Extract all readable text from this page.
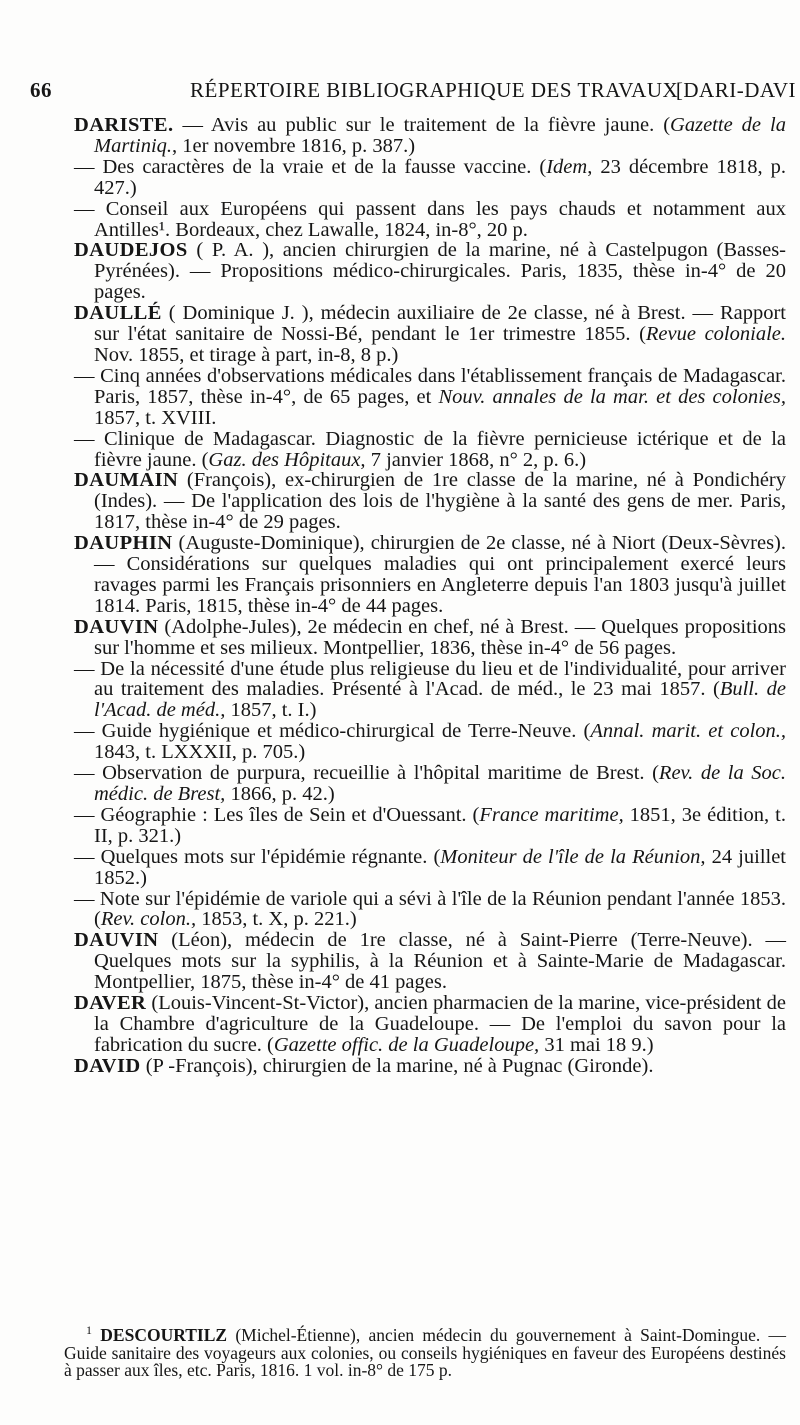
66	RÉPERTOIRE BIBLIOGRAPHIQUE DES TRAVAUX
[DARI-DAVI

DARISTE. — Avis au public sur le traitement de la fièvre jaune. (Gazette de la Martiniq., 1er novembre 1816, p. 387.)

— Des caractères de la vraie et de la fausse vaccine. (Idem, 23 décembre 1818, p. 427.)

— Conseil aux Européens qui passent dans les pays chauds et notamment aux Antilles¹. Bordeaux, chez Lawalle, 1824, in-8°, 20 p.

DAUDEJOS ( P. A. ), ancien chirurgien de la marine, né à Castelpugon (Basses-Pyrénées). — Propositions médico-chirurgicales. Paris, 1835, thèse in-4° de 20 pages.

DAULLÉ ( Dominique J. ), médecin auxiliaire de 2e classe, né à Brest. — Rapport sur l'état sanitaire de Nossi-Bé, pendant le 1er trimestre 1855. (Revue coloniale. Nov. 1855, et tirage à part, in-8, 8 p.)

— Cinq années d'observations médicales dans l'établissement français de Madagascar. Paris, 1857, thèse in-4°, de 65 pages, et Nouv. annales de la mar. et des colonies, 1857, t. XVIII.

— Clinique de Madagascar. Diagnostic de la fièvre pernicieuse ictérique et de la fièvre jaune. (Gaz. des Hôpitaux, 7 janvier 1868, n° 2, p. 6.)

DAUMAIN (François), ex-chirurgien de 1re classe de la marine, né à Pondichéry (Indes). — De l'application des lois de l'hygiène à la santé des gens de mer. Paris, 1817, thèse in-4° de 29 pages.

DAUPHIN (Auguste-Dominique), chirurgien de 2e classe, né à Niort (Deux-Sèvres). — Considérations sur quelques maladies qui ont principalement exercé leurs ravages parmi les Français prisonniers en Angleterre depuis l'an 1803 jusqu'à juillet 1814. Paris, 1815, thèse in-4° de 44 pages.

DAUVIN (Adolphe-Jules), 2e médecin en chef, né à Brest. — Quelques propositions sur l'homme et ses milieux. Montpellier, 1836, thèse in-4° de 56 pages.

— De la nécessité d'une étude plus religieuse du lieu et de l'individualité, pour arriver au traitement des maladies. Présenté à l'Acad. de méd., le 23 mai 1857. (Bull. de l'Acad. de méd., 1857, t. I.)

— Guide hygiénique et médico-chirurgical de Terre-Neuve. (Annal. marit. et colon., 1843, t. LXXXII, p. 705.)

— Observation de purpura, recueillie à l'hôpital maritime de Brest. (Rev. de la Soc. médic. de Brest, 1866, p. 42.)

— Géographie : Les îles de Sein et d'Ouessant. (France maritime, 1851, 3e édition, t. II, p. 321.)

— Quelques mots sur l'épidémie régnante. (Moniteur de l'île de la Réunion, 24 juillet 1852.)

— Note sur l'épidémie de variole qui a sévi à l'île de la Réunion pendant l'année 1853. (Rev. colon., 1853, t. X, p. 221.)

DAUVIN (Léon), médecin de 1re classe, né à Saint-Pierre (Terre-Neuve). — Quelques mots sur la syphilis, à la Réunion et à Sainte-Marie de Madagascar. Montpellier, 1875, thèse in-4° de 41 pages.

DAVER (Louis-Vincent-St-Victor), ancien pharmacien de la marine, vice-président de la Chambre d'agriculture de la Guadeloupe. — De l'emploi du savon pour la fabrication du sucre. (Gazette offic. de la Guadeloupe, 31 mai 18 9.)

DAVID (P -François), chirurgien de la marine, né à Pugnac (Gironde).

$^1$ DESCOURTILZ (Michel-Étienne), ancien médecin du gouvernement à Saint-Domingue. — Guide sanitaire des voyageurs aux colonies, ou conseils hygiéniques en faveur des Européens destinés à passer aux îles, etc. Paris, 1816. 1 vol. in-8° de 175 p.
